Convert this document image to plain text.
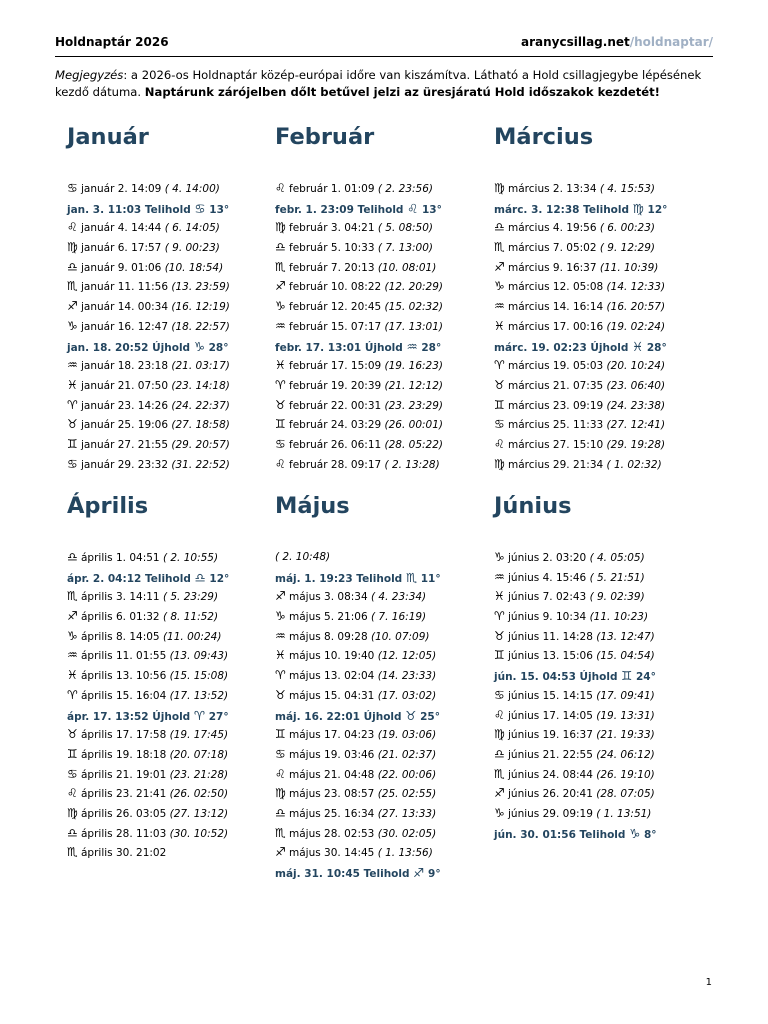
Holdnaptár 2026	aranycsillag.net/holdnaptar/
Megjegyzés: a 2026-os Holdnaptár közép-európai időre van kiszámítva. Látható a Hold csillagjegybe lépésének kezdő dátuma. Naptárunk zárójelben dőlt betűvel jelzi az üresjáratú Hold időszakok kezdetét!
Január
♋ január 2. 14:09 ( 4. 14:00)
jan. 3. 11:03 Telihold ♋ 13°
♌ január 4. 14:44 ( 6. 14:05)
♍ január 6. 17:57 ( 9. 00:23)
♎ január 9. 01:06 (10. 18:54)
♏ január 11. 11:56 (13. 23:59)
♐ január 14. 00:34 (16. 12:19)
♑ január 16. 12:47 (18. 22:57)
jan. 18. 20:52 Újhold ♑ 28°
♒ január 18. 23:18 (21. 03:17)
♓ január 21. 07:50 (23. 14:18)
♈ január 23. 14:26 (24. 22:37)
♉ január 25. 19:06 (27. 18:58)
♊ január 27. 21:55 (29. 20:57)
♋ január 29. 23:32 (31. 22:52)
Február
♌ február 1. 01:09 ( 2. 23:56)
febr. 1. 23:09 Telihold ♌ 13°
♍ február 3. 04:21 ( 5. 08:50)
♎ február 5. 10:33 ( 7. 13:00)
♏ február 7. 20:13 (10. 08:01)
♐ február 10. 08:22 (12. 20:29)
♑ február 12. 20:45 (15. 02:32)
♒ február 15. 07:17 (17. 13:01)
febr. 17. 13:01 Újhold ♒ 28°
♓ február 17. 15:09 (19. 16:23)
♈ február 19. 20:39 (21. 12:12)
♉ február 22. 00:31 (23. 23:29)
♊ február 24. 03:29 (26. 00:01)
♋ február 26. 06:11 (28. 05:22)
♌ február 28. 09:17 ( 2. 13:28)
Március
♍ március 2. 13:34 ( 4. 15:53)
márc. 3. 12:38 Telihold ♍ 12°
♎ március 4. 19:56 ( 6. 00:23)
♏ március 7. 05:02 ( 9. 12:29)
♐ március 9. 16:37 (11. 10:39)
♑ március 12. 05:08 (14. 12:33)
♒ március 14. 16:14 (16. 20:57)
♓ március 17. 00:16 (19. 02:24)
márc. 19. 02:23 Újhold ♓ 28°
♈ március 19. 05:03 (20. 10:24)
♉ március 21. 07:35 (23. 06:40)
♊ március 23. 09:19 (24. 23:38)
♋ március 25. 11:33 (27. 12:41)
♌ március 27. 15:10 (29. 19:28)
♍ március 29. 21:34 ( 1. 02:32)
Április
♎ április 1. 04:51 ( 2. 10:55)
ápr. 2. 04:12 Telihold ♎ 12°
♏ április 3. 14:11 ( 5. 23:29)
♐ április 6. 01:32 ( 8. 11:52)
♑ április 8. 14:05 (11. 00:24)
♒ április 11. 01:55 (13. 09:43)
♓ április 13. 10:56 (15. 15:08)
♈ április 15. 16:04 (17. 13:52)
ápr. 17. 13:52 Újhold ♈ 27°
♉ április 17. 17:58 (19. 17:45)
♊ április 19. 18:18 (20. 07:18)
♋ április 21. 19:01 (23. 21:28)
♌ április 23. 21:41 (26. 02:50)
♍ április 26. 03:05 (27. 13:12)
♎ április 28. 11:03 (30. 10:52)
♏ április 30. 21:02
Május
( 2. 10:48)
máj. 1. 19:23 Telihold ♏ 11°
♐ május 3. 08:34 ( 4. 23:34)
♑ május 5. 21:06 ( 7. 16:19)
♒ május 8. 09:28 (10. 07:09)
♓ május 10. 19:40 (12. 12:05)
♈ május 13. 02:04 (14. 23:33)
♉ május 15. 04:31 (17. 03:02)
máj. 16. 22:01 Újhold ♉ 25°
♊ május 17. 04:23 (19. 03:06)
♋ május 19. 03:46 (21. 02:37)
♌ május 21. 04:48 (22. 00:06)
♍ május 23. 08:57 (25. 02:55)
♎ május 25. 16:34 (27. 13:33)
♏ május 28. 02:53 (30. 02:05)
♐ május 30. 14:45 ( 1. 13:56)
máj. 31. 10:45 Telihold ♐ 9°
Június
♑ június 2. 03:20 ( 4. 05:05)
♒ június 4. 15:46 ( 5. 21:51)
♓ június 7. 02:43 ( 9. 02:39)
♈ június 9. 10:34 (11. 10:23)
♉ június 11. 14:28 (13. 12:47)
♊ június 13. 15:06 (15. 04:54)
jún. 15. 04:53 Újhold ♊ 24°
♋ június 15. 14:15 (17. 09:41)
♌ június 17. 14:05 (19. 13:31)
♍ június 19. 16:37 (21. 19:33)
♎ június 21. 22:55 (24. 06:12)
♏ június 24. 08:44 (26. 19:10)
♐ június 26. 20:41 (28. 07:05)
♑ június 29. 09:19 ( 1. 13:51)
jún. 30. 01:56 Telihold ♑ 8°
1
